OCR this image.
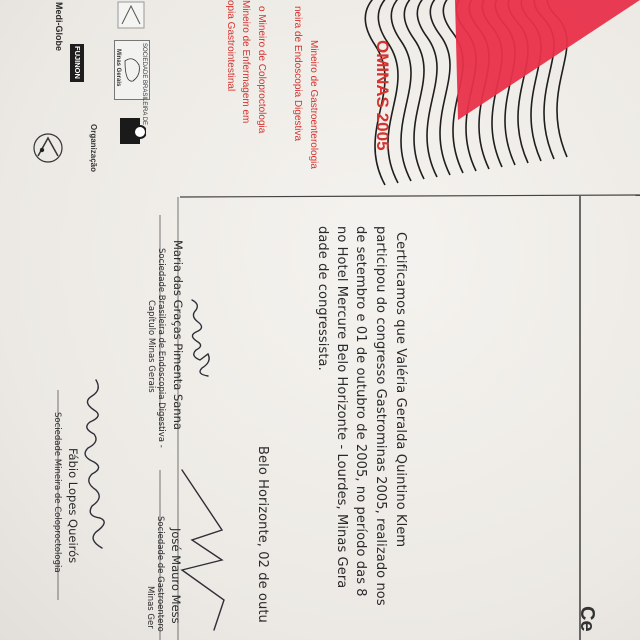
Certificamos que Valéria Geralda Quintino Klem
participou do congresso Gastrominas 2005, realizado nos
de setembro e 01 de outubro de 2005, no período das 8
no Hotel Mercure Belo Horizonte - Lourdes, Minas Gera
dade de congressista.
Belo Horizonte, 02 de outu
Maria das Graças Pimenta Sanna
Sociedade Brasileira de Endoscopia Digestiva -
Capítulo Minas Gerais
José Mauro Mess
Sociedade de Gastroentero
Minas Ger
Fábio Lopes Queirós
Sociedade Mineira de Coloproctologia
OMINAS 2005
Mineiro de Gastroenterologia
neira de Endoscopia Digestiva
o Mineiro de Coloproctologia
Mineiro de Enfermagem em
opia Gastrointestinal
Ce
Medi-Globe
FUJINON	SOCIEDADE BRASILEIRA DE
Minas Gerais
Organização
